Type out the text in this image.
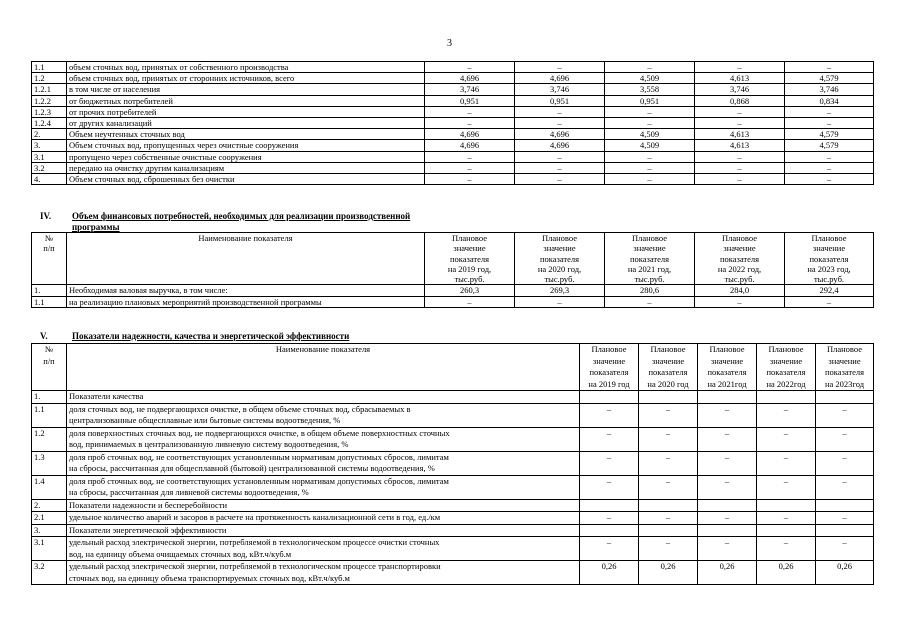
3
1.1	объем сточных вод, принятых от собственного производства	–	–	–	–	–
1.2	объем сточных вод, принятых от сторонних источников, всего	4,696	4,696	4,509	4,613	4,579
1.2.1	в том числе от населения	3,746	3,746	3,558	3,746	3,746
1.2.2	от бюджетных потребителей	0,951	0,951	0,951	0,868	0,834
1.2.3	от прочих потребителей	–	–	–	–	–
1.2.4	от других канализаций	–	–	–	–	–
2.	Объем неучтенных сточных вод	4,696	4,696	4,509	4,613	4,579
3.	Объем сточных вод, пропущенных через очистные сооружения	4,696	4,696	4,509	4,613	4,579
3.1	пропущено через собственные очистные сооружения	–	–	–	–	–
3.2	передано на очистку другим канализациям	–	–	–	–	–
4.	Объем сточных вод, сброшенных без очистки	–	–	–	–	–
IV. Объем финансовых потребностей, необходимых для реализации производственной
программы
№
п/п	Наименование показателя	Плановое
значение
показателя
на 2019 год,
тыс.руб.	Плановое
значение
показателя
на 2020 год,
тыс.руб.	Плановое
значение
показателя
на 2021 год,
тыс.руб.	Плановое
значение
показателя
на 2022 год,
тыс.руб.	Плановое
значение
показателя
на 2023 год,
тыс.руб.
1.	Необходимая валовая выручка, в том числе:	260,3	269,3	280,6	284,0	292,4
1.1	на реализацию плановых мероприятий производственной программы	–	–	–	–	–
V.	Показатели надежности, качества и энергетической эффективности
№
п/п	Наименование показателя	Плановое
значение
показателя
на 2019 год	Плановое
значение
показателя
на 2020 год	Плановое
значение
показателя
на 2021год	Плановое
значение
показателя
на 2022год	Плановое
значение
показателя
на 2023год
1.	Показатели качества					
1.1	доля сточных вод, не подвергающихся очистке, в общем объеме сточных вод, сбрасываемых в
централизованные общесплавные или бытовые системы водоотведения, %	–	–	–	–	–
1.2	доля поверхностных сточных вод, не подвергающихся очистке, в общем объеме поверхностных сточных
вод, принимаемых в централизованную ливневую систему водоотведения, %	–	–	–	–	–
1.3	доля проб сточных вод, не соответствующих установленным нормативам допустимых сбросов, лимитам
на сбросы, рассчитанная для общесплавной (бытовой) централизованной системы водоотведения, %	–	–	–	–	–
1.4	доля проб сточных вод, не соответствующих установленным нормативам допустимых сбросов, лимитам
на сбросы, рассчитанная для ливневой системы водоотведения, %	–	–	–	–	–
2.	Показатели надежности и бесперебойности					
2.1	удельное количество аварий и засоров в расчете на протяженность канализационной сети в год, ед./км	–	–	–	–	–
3.	Показатели энергетической эффективности					
3.1	удельный расход электрической энергии, потребляемой в технологическом процессе очистки сточных
вод, на единицу объема очищаемых сточных вод, кВт.ч/куб.м	–	–	–	–	–
3.2	удельный расход электрической энергии, потребляемой в технологическом процессе транспортировки
сточных вод, на единицу объема транспортируемых сточных вод, кВт.ч/куб.м	0,26	0,26	0,26	0,26	0,26
